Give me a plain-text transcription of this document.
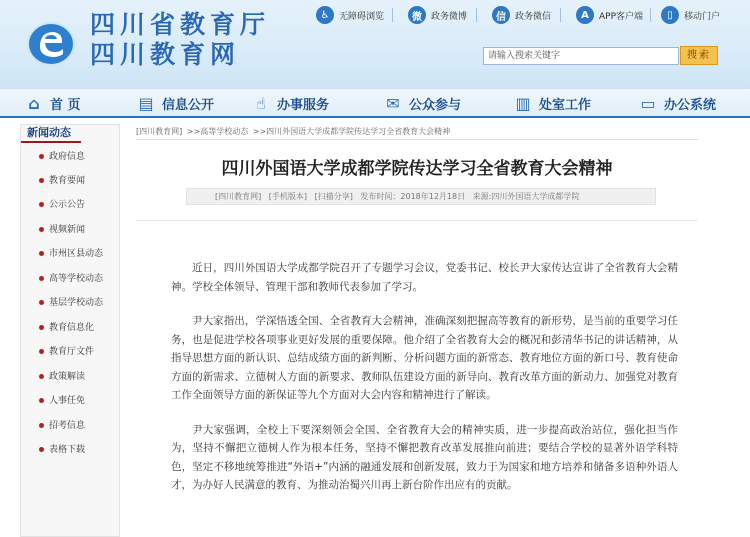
四川省教育厅
四川教育网
♿	无障碍浏览	微	政务微博	信	政务微信	A	APP客户端	▯	移动门户
请输入搜索关键字	搜索
⌂ 首 页	▤ 信息公开	☝ 办事服务	✉ 公众参与	▥ 处室工作	▭ 办公系统
新闻动态
政府信息
教育要闻
公示公告
视频新闻
市州区县动态
高等学校动态
基层学校动态
教育信息化
教育厅文件
政策解读
人事任免
招考信息
表格下载
[四川教育网] >>高等学校动态 >>四川外国语大学成都学院传达学习全省教育大会精神
四川外国语大学成都学院传达学习全省教育大会精神
[四川教育网] [手机版本] [扫描分享] 发布时间：2018年12月18日 来源:四川外国语大学成都学院

近日，四川外国语大学成都学院召开了专题学习会议，党委书记、校长尹大家传达宣讲了全省教育大会精神。学校全体领导、管理干部和教师代表参加了学习。

尹大家指出，学深悟透全国、全省教育大会精神，准确深刻把握高等教育的新形势，是当前的重要学习任务，也是促进学校各项事业更好发展的重要保障。他介绍了全省教育大会的概况和彭清华书记的讲话精神，从指导思想方面的新认识、总结成绩方面的新判断、分析问题方面的新常态、教育地位方面的新口号、教育使命方面的新需求、立德树人方面的新要求、教师队伍建设方面的新导向、教育改革方面的新动力、加强党对教育工作全面领导方面的新保证等九个方面对大会内容和精神进行了解读。

尹大家强调，全校上下要深刻领会全国、全省教育大会的精神实质，进一步提高政治站位，强化担当作为，坚持不懈把立德树人作为根本任务，坚持不懈把教育改革发展推向前进；要结合学校的显著外语学科特色，坚定不移地统筹推进“外语+”内涵的融通发展和创新发展，致力于为国家和地方培养和储备多语种外语人才，为办好人民满意的教育、为推动治蜀兴川再上新台阶作出应有的贡献。
